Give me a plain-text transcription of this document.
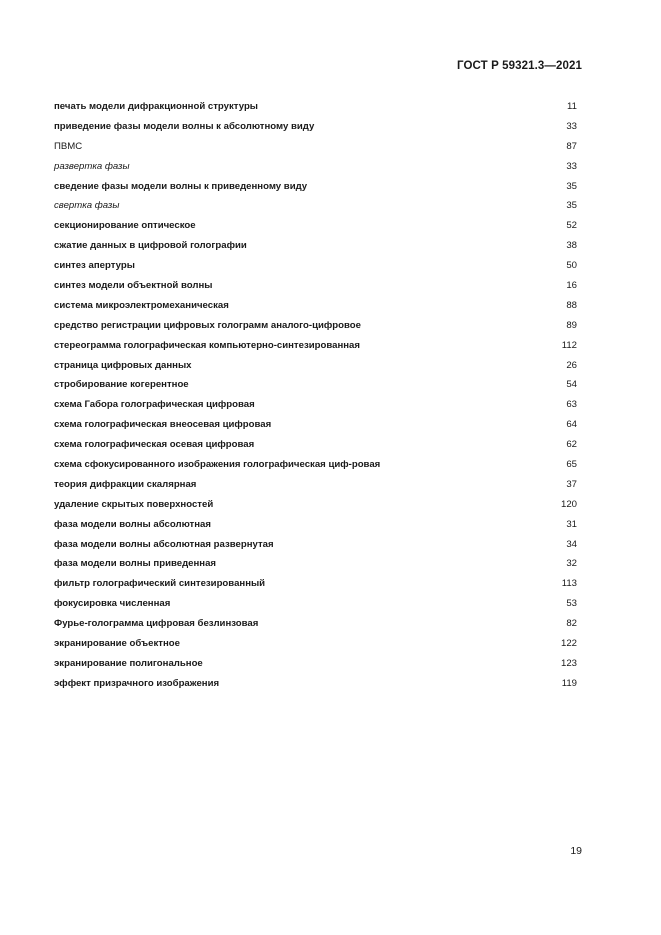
ГОСТ Р 59321.3—2021
печать модели дифракционной структуры	11
приведение фазы модели волны к абсолютному виду	33
ПВМС	87
развертка фазы	33
сведение фазы модели волны к приведенному виду	35
свертка фазы	35
секционирование оптическое	52
сжатие данных в цифровой голографии	38
синтез апертуры	50
синтез модели объектной волны	16
система микроэлектромеханическая	88
средство регистрации цифровых голограмм аналого-цифровое	89
стереограмма голографическая компьютерно-синтезированная	112
страница цифровых данных	26
стробирование когерентное	54
схема Габора голографическая цифровая	63
схема голографическая внеосевая цифровая	64
схема голографическая осевая цифровая	62
схема сфокусированного изображения голографическая циф-ровая	65
теория дифракции скалярная	37
удаление скрытых поверхностей	120
фаза модели волны абсолютная	31
фаза модели волны абсолютная развернутая	34
фаза модели волны приведенная	32
фильтр голографический синтезированный	113
фокусировка численная	53
Фурье-голограмма цифровая безлинзовая	82
экранирование объектное	122
экранирование полигональное	123
эффект призрачного изображения	119
19
